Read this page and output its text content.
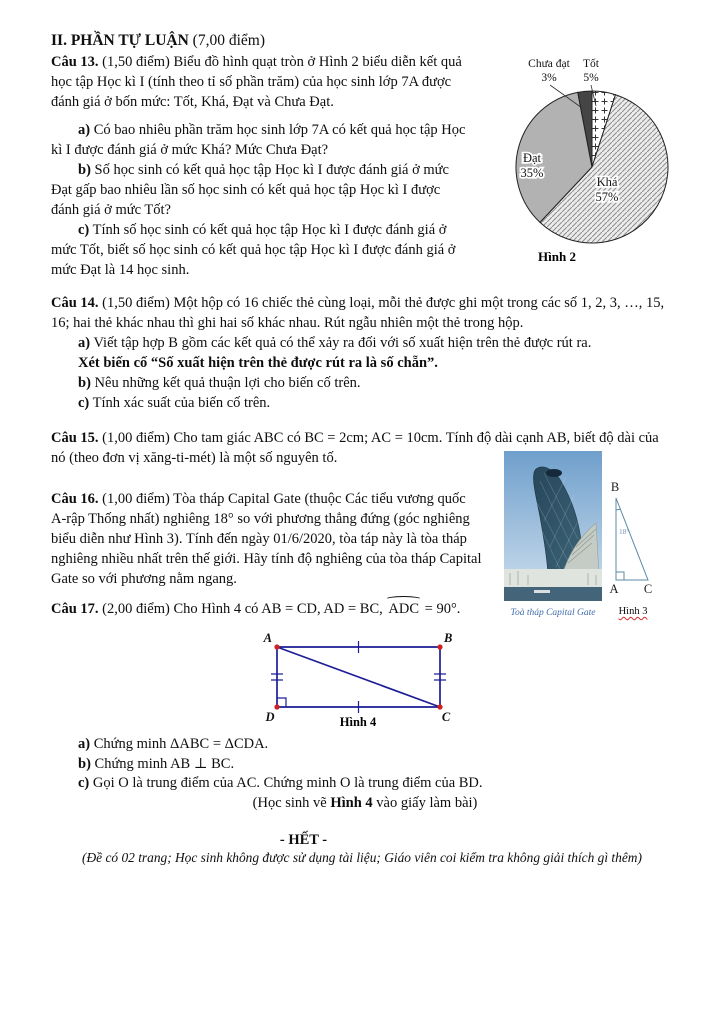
II. PHẦN TỰ LUẬN (7,00 điểm)
Câu 13. (1,50 điểm) Biểu đồ hình quạt tròn ở Hình 2 biểu diễn kết quả
học tập Học kì I (tính theo tỉ số phần trăm) của học sinh lớp 7A được
đánh giá ở bốn mức: Tốt, Khá, Đạt và Chưa Đạt.
a) Có bao nhiêu phần trăm học sinh lớp 7A có kết quả học tập Học
kì I được đánh giá ở mức Khá? Mức Chưa Đạt?
b) Số học sinh có kết quả học tập Học kì I được đánh giá ở mức
Đạt gấp bao nhiêu lần số học sinh có kết quả học tập Học kì I được
đánh giá ở mức Tốt?
c) Tính số học sinh có kết quả học tập Học kì I được đánh giá ở
mức Tốt, biết số học sinh có kết quả học tập Học kì I được đánh giá ở
mức Đạt là 14 học sinh.
Chưa đạt Tốt
3% 5%
Đạt
35%
Khá
57%
Hình 2
Câu 14. (1,50 điểm) Một hộp có 16 chiếc thẻ cùng loại, mỗi thẻ được ghi một trong các số 1, 2, 3, …, 15,
16; hai thẻ khác nhau thì ghi hai số khác nhau. Rút ngẫu nhiên một thẻ trong hộp.
a) Viết tập hợp B gồm các kết quả có thể xảy ra đối với số xuất hiện trên thẻ được rút ra.
Xét biến cố “Số xuất hiện trên thẻ được rút ra là số chẵn”.
b) Nêu những kết quả thuận lợi cho biến cố trên.
c) Tính xác suất của biến cố trên.
Câu 15. (1,00 điểm) Cho tam giác ABC có BC = 2cm; AC = 10cm. Tính độ dài cạnh AB, biết độ dài của
nó (theo đơn vị xăng-ti-mét) là một số nguyên tố.
Câu 16. (1,00 điểm) Tòa tháp Capital Gate (thuộc Các tiểu vương quốc
A-rập Thống nhất) nghiêng 18° so với phương thẳng đứng (góc nghiêng
biểu diễn như Hình 3). Tính đến ngày 01/6/2020, tòa táp này là tòa tháp
nghiêng nhiều nhất trên thế giới. Hãy tính độ nghiêng của tòa tháp Capital
Gate so với phương nằm ngang.
Toà tháp Capital Gate
B
A C
18°
Hình 3
Câu 17. (2,00 điểm) Cho Hình 4 có AB = CD, AD = BC, ADC = 90°.
A	B
D	C
Hình 4
a) Chứng minh ΔABC = ΔCDA.
b) Chứng minh AB ⊥ BC.
c) Gọi O là trung điểm của AC. Chứng minh O là trung điểm của BD.
(Học sinh vẽ Hình 4 vào giấy làm bài)
- HẾT -
(Đề có 02 trang; Học sinh không được sử dụng tài liệu; Giáo viên coi kiểm tra không giải thích gì thêm)
